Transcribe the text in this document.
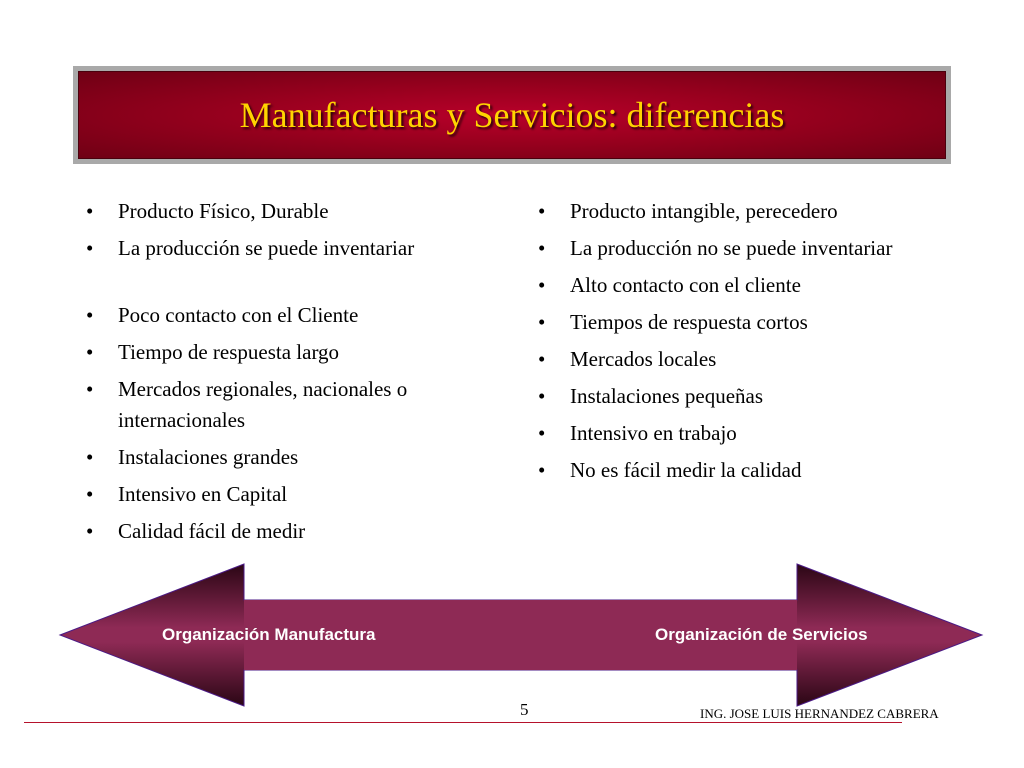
Manufacturas y Servicios: diferencias
• Producto Físico, Durable
• La producción se puede inventariar
• Poco contacto con el Cliente
• Tiempo de respuesta largo
• Mercados regionales, nacionales o internacionales
• Instalaciones grandes
• Intensivo en Capital
• Calidad fácil de medir
• Producto intangible, perecedero
• La producción no se puede inventariar
• Alto contacto con el cliente
• Tiempos de respuesta cortos
• Mercados locales
• Instalaciones pequeñas
• Intensivo en trabajo
• No es fácil medir la calidad
Organización Manufactura	Organización de Servicios
5	ING. JOSE LUIS HERNANDEZ CABRERA
